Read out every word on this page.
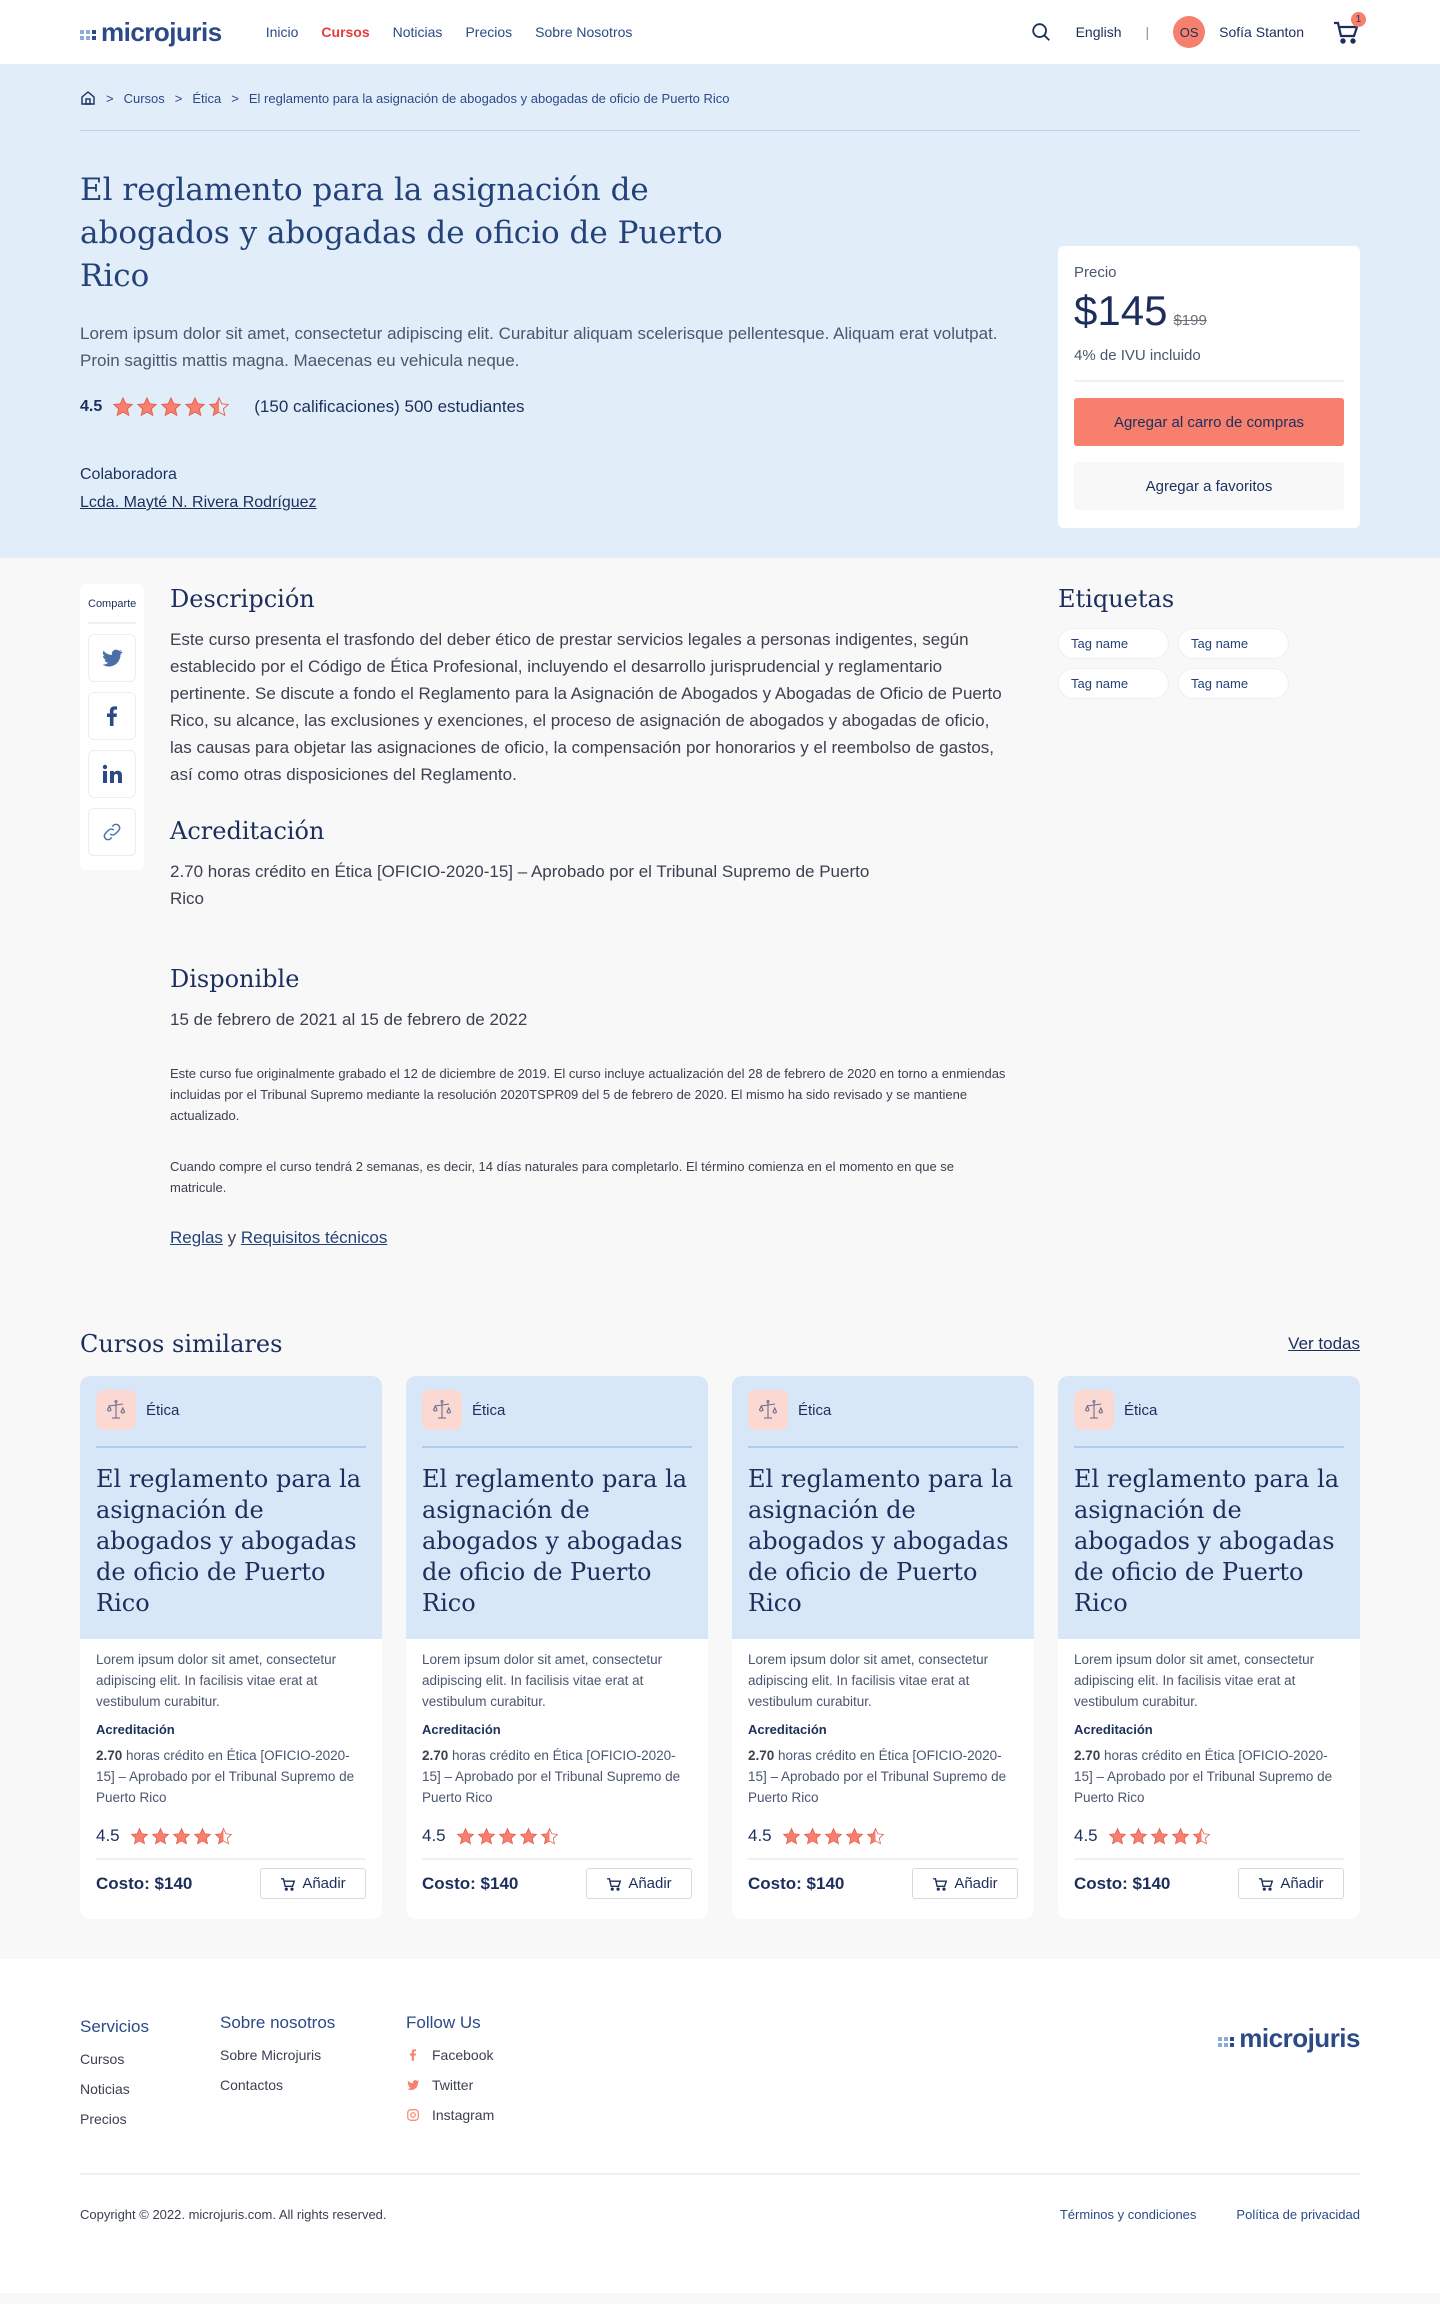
microjuris	Inicio Cursos Noticias Precios Sobre Nosotros	English |	OS	Sofía Stanton
1
> Cursos > Ética > El reglamento para la asignación de abogados y abogadas de oficio de Puerto Rico
El reglamento para la asignación de abogados y abogadas de oficio de Puerto Rico

Lorem ipsum dolor sit amet, consectetur adipiscing elit. Curabitur aliquam scelerisque pellentesque. Aliquam erat volutpat. Proin sagittis mattis magna. Maecenas eu vehicula neque.

4.5	(150 calificaciones) 500 estudiantes
Colaboradora
Lcda. Mayté N. Rivera Rodríguez
Precio
$145 $199
4% de IVU incluido
Agregar al carro de compras
Agregar a favoritos
Comparte Descripción

Este curso presenta el trasfondo del deber ético de prestar servicios legales a personas indigentes, según establecido por el Código de Ética Profesional, incluyendo el desarrollo jurisprudencial y reglamentario pertinente. Se discute a fondo el Reglamento para la Asignación de Abogados y Abogadas de Oficio de Puerto Rico, su alcance, las exclusiones y exenciones, el proceso de asignación de abogados y abogadas de oficio, las causas para objetar las asignaciones de oficio, la compensación por honorarios y el reembolso de gastos, así como otras disposiciones del Reglamento.

Acreditación

2.70 horas crédito en Ética [OFICIO-2020-15] – Aprobado por el Tribunal Supremo de Puerto Rico

Disponible

15 de febrero de 2021 al 15 de febrero de 2022

Este curso fue originalmente grabado el 12 de diciembre de 2019. El curso incluye actualización del 28 de febrero de 2020 en torno a enmiendas incluidas por el Tribunal Supremo mediante la resolución 2020TSPR09 del 5 de febrero de 2020. El mismo ha sido revisado y se mantiene actualizado.

Cuando compre el curso tendrá 2 semanas, es decir, 14 días naturales para completarlo. El término comienza en el momento en que se matricule.

Reglas y Requisitos técnicos
Etiquetas
Tag name	Tag name
Tag name	Tag name
Cursos similares	Ver todas
Ética
El reglamento para la asignación de abogados y abogadas de oficio de Puerto Rico

Lorem ipsum dolor sit amet, consectetur adipiscing elit. In facilisis vitae erat at vestibulum curabitur.

Acreditación

2.70 horas crédito en Ética [OFICIO-2020-15] – Aprobado por el Tribunal Supremo de Puerto Rico

4.5
Costo: $140	Añadir
Ética
El reglamento para la asignación de abogados y abogadas de oficio de Puerto Rico

Lorem ipsum dolor sit amet, consectetur adipiscing elit. In facilisis vitae erat at vestibulum curabitur.

Acreditación

2.70 horas crédito en Ética [OFICIO-2020-15] – Aprobado por el Tribunal Supremo de Puerto Rico

4.5
Costo: $140	Añadir
Ética
El reglamento para la asignación de abogados y abogadas de oficio de Puerto Rico

Lorem ipsum dolor sit amet, consectetur adipiscing elit. In facilisis vitae erat at vestibulum curabitur.

Acreditación

2.70 horas crédito en Ética [OFICIO-2020-15] – Aprobado por el Tribunal Supremo de Puerto Rico

4.5
Costo: $140	Añadir
Ética
El reglamento para la asignación de abogados y abogadas de oficio de Puerto Rico

Lorem ipsum dolor sit amet, consectetur adipiscing elit. In facilisis vitae erat at vestibulum curabitur.

Acreditación

2.70 horas crédito en Ética [OFICIO-2020-15] – Aprobado por el Tribunal Supremo de Puerto Rico

4.5
Costo: $140	Añadir
Servicios
Cursos
Noticias
Precios
Sobre nosotros
Sobre Microjuris
Contactos
Follow Us
Facebook
Twitter
Instagram
microjuris
Copyright © 2022. microjuris.com. All rights reserved.	Términos y condiciones	Política de privacidad
